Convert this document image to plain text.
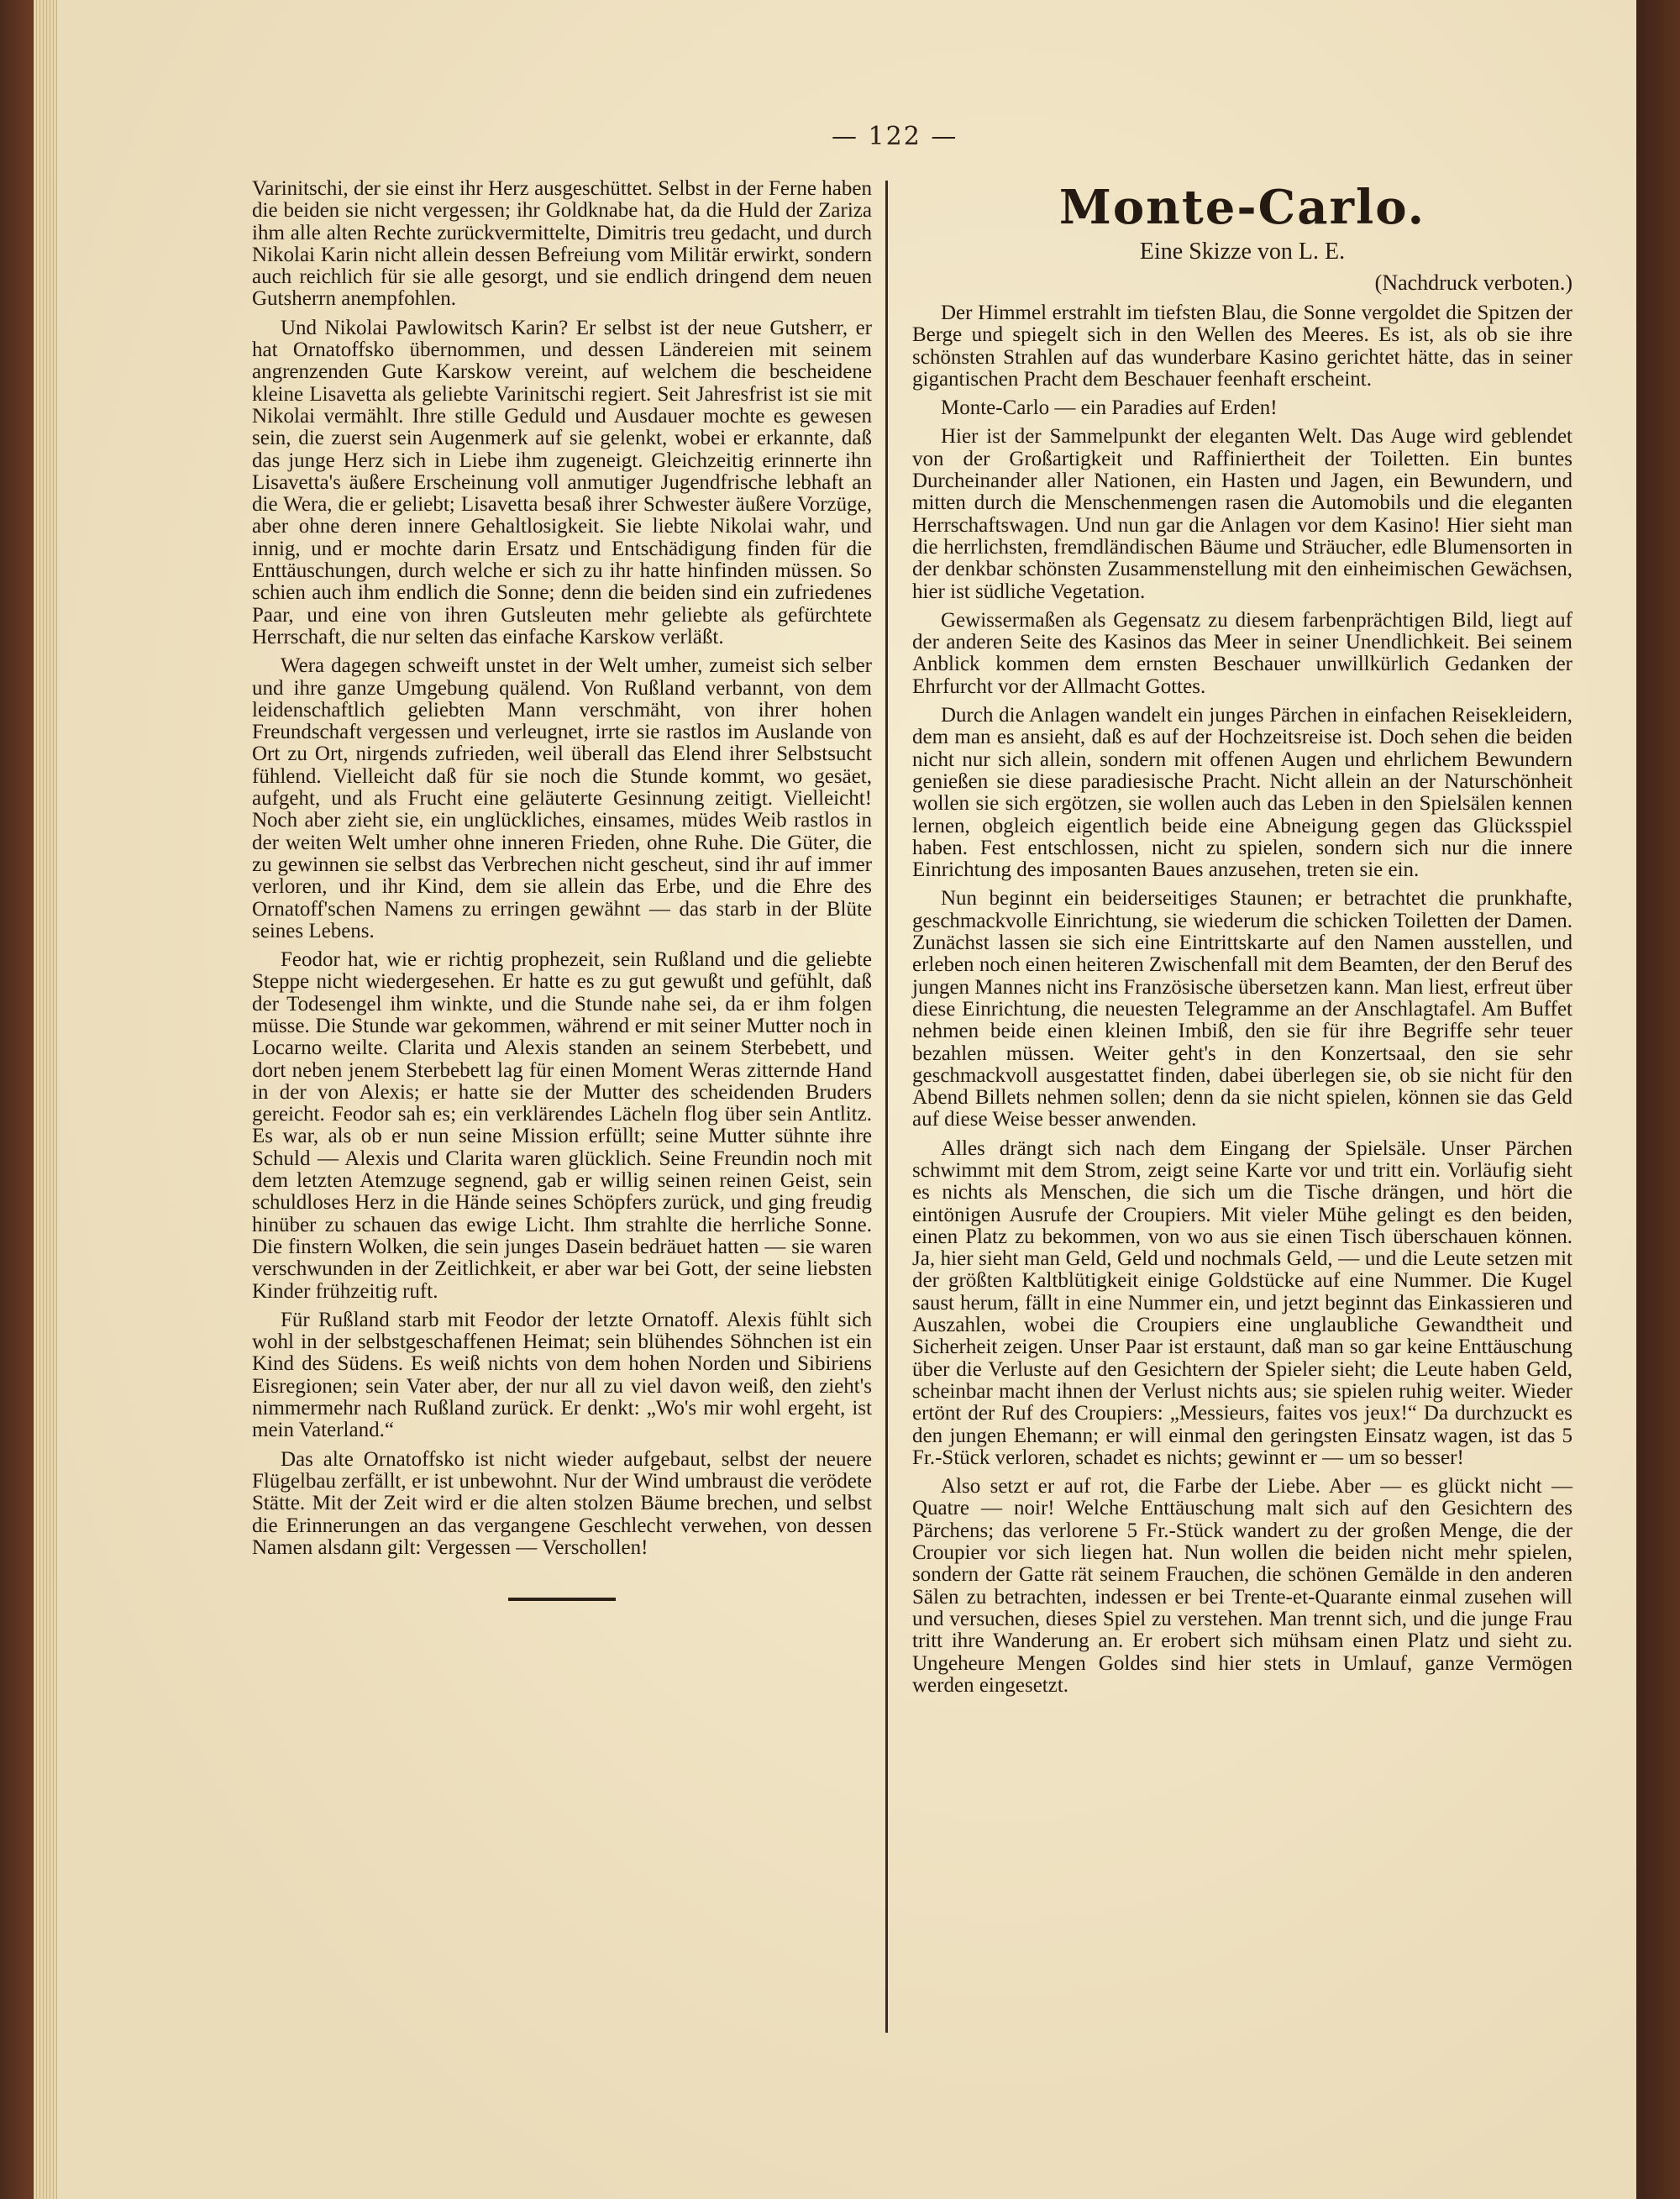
— 122 —

Varinitschi, der sie einst ihr Herz ausgeschüttet. Selbst in der Ferne haben die beiden sie nicht vergessen; ihr Goldknabe hat, da die Huld der Zariza ihm alle alten Rechte zurückvermittelte, Dimitris treu gedacht, und durch Nikolai Karin nicht allein dessen Befreiung vom Militär erwirkt, sondern auch reichlich für sie alle gesorgt, und sie endlich dringend dem neuen Gutsherrn anempfohlen.

Und Nikolai Pawlowitsch Karin? Er selbst ist der neue Gutsherr, er hat Ornatoffsko übernommen, und dessen Ländereien mit seinem angrenzenden Gute Karskow vereint, auf welchem die bescheidene kleine Lisavetta als geliebte Varinitschi regiert. Seit Jahresfrist ist sie mit Nikolai vermählt. Ihre stille Geduld und Ausdauer mochte es gewesen sein, die zuerst sein Augenmerk auf sie gelenkt, wobei er erkannte, daß das junge Herz sich in Liebe ihm zugeneigt. Gleichzeitig erinnerte ihn Lisavetta's äußere Erscheinung voll anmutiger Jugendfrische lebhaft an die Wera, die er geliebt; Lisavetta besaß ihrer Schwester äußere Vorzüge, aber ohne deren innere Gehaltlosigkeit. Sie liebte Nikolai wahr, und innig, und er mochte darin Ersatz und Entschädigung finden für die Enttäuschungen, durch welche er sich zu ihr hatte hinfinden müssen. So schien auch ihm endlich die Sonne; denn die beiden sind ein zufriedenes Paar, und eine von ihren Gutsleuten mehr geliebte als gefürchtete Herrschaft, die nur selten das einfache Karskow verläßt.

Wera dagegen schweift unstet in der Welt umher, zumeist sich selber und ihre ganze Umgebung quälend. Von Rußland verbannt, von dem leidenschaftlich geliebten Mann verschmäht, von ihrer hohen Freundschaft vergessen und verleugnet, irrte sie rastlos im Auslande von Ort zu Ort, nirgends zufrieden, weil überall das Elend ihrer Selbstsucht fühlend. Vielleicht daß für sie noch die Stunde kommt, wo gesäet, aufgeht, und als Frucht eine geläuterte Gesinnung zeitigt. Vielleicht! Noch aber zieht sie, ein unglückliches, einsames, müdes Weib rastlos in der weiten Welt umher ohne inneren Frieden, ohne Ruhe. Die Güter, die zu gewinnen sie selbst das Verbrechen nicht gescheut, sind ihr auf immer verloren, und ihr Kind, dem sie allein das Erbe, und die Ehre des Ornatoff'schen Namens zu erringen gewähnt — das starb in der Blüte seines Lebens.

Feodor hat, wie er richtig prophezeit, sein Rußland und die geliebte Steppe nicht wiedergesehen. Er hatte es zu gut gewußt und gefühlt, daß der Todesengel ihm winkte, und die Stunde nahe sei, da er ihm folgen müsse. Die Stunde war gekommen, während er mit seiner Mutter noch in Locarno weilte. Clarita und Alexis standen an seinem Sterbebett, und dort neben jenem Sterbebett lag für einen Moment Weras zitternde Hand in der von Alexis; er hatte sie der Mutter des scheidenden Bruders gereicht. Feodor sah es; ein verklärendes Lächeln flog über sein Antlitz. Es war, als ob er nun seine Mission erfüllt; seine Mutter sühnte ihre Schuld — Alexis und Clarita waren glücklich. Seine Freundin noch mit dem letzten Atemzuge segnend, gab er willig seinen reinen Geist, sein schuldloses Herz in die Hände seines Schöpfers zurück, und ging freudig hinüber zu schauen das ewige Licht. Ihm strahlte die herrliche Sonne. Die finstern Wolken, die sein junges Dasein bedräuet hatten — sie waren verschwunden in der Zeitlichkeit, er aber war bei Gott, der seine liebsten Kinder frühzeitig ruft.

Für Rußland starb mit Feodor der letzte Ornatoff. Alexis fühlt sich wohl in der selbstgeschaffenen Heimat; sein blühendes Söhnchen ist ein Kind des Südens. Es weiß nichts von dem hohen Norden und Sibiriens Eisregionen; sein Vater aber, der nur all zu viel davon weiß, den zieht's nimmermehr nach Rußland zurück. Er denkt: „Wo's mir wohl ergeht, ist mein Vaterland.“

Das alte Ornatoffsko ist nicht wieder aufgebaut, selbst der neuere Flügelbau zerfällt, er ist unbewohnt. Nur der Wind umbraust die verödete Stätte. Mit der Zeit wird er die alten stolzen Bäume brechen, und selbst die Erinnerungen an das vergangene Geschlecht verwehen, von dessen Namen alsdann gilt: Vergessen — Verschollen!

Monte-Carlo.
Eine Skizze von L. E.
(Nachdruck verboten.)

Der Himmel erstrahlt im tiefsten Blau, die Sonne vergoldet die Spitzen der Berge und spiegelt sich in den Wellen des Meeres. Es ist, als ob sie ihre schönsten Strahlen auf das wunderbare Kasino gerichtet hätte, das in seiner gigantischen Pracht dem Beschauer feenhaft erscheint.

Monte-Carlo — ein Paradies auf Erden!

Hier ist der Sammelpunkt der eleganten Welt. Das Auge wird geblendet von der Großartigkeit und Raffiniertheit der Toiletten. Ein buntes Durcheinander aller Nationen, ein Hasten und Jagen, ein Bewundern, und mitten durch die Menschenmengen rasen die Automobils und die eleganten Herrschaftswagen. Und nun gar die Anlagen vor dem Kasino! Hier sieht man die herrlichsten, fremdländischen Bäume und Sträucher, edle Blumensorten in der denkbar schönsten Zusammenstellung mit den einheimischen Gewächsen, hier ist südliche Vegetation.

Gewissermaßen als Gegensatz zu diesem farbenprächtigen Bild, liegt auf der anderen Seite des Kasinos das Meer in seiner Unendlichkeit. Bei seinem Anblick kommen dem ernsten Beschauer unwillkürlich Gedanken der Ehrfurcht vor der Allmacht Gottes.

Durch die Anlagen wandelt ein junges Pärchen in einfachen Reisekleidern, dem man es ansieht, daß es auf der Hochzeitsreise ist. Doch sehen die beiden nicht nur sich allein, sondern mit offenen Augen und ehrlichem Bewundern genießen sie diese paradiesische Pracht. Nicht allein an der Naturschönheit wollen sie sich ergötzen, sie wollen auch das Leben in den Spielsälen kennen lernen, obgleich eigentlich beide eine Abneigung gegen das Glücksspiel haben. Fest entschlossen, nicht zu spielen, sondern sich nur die innere Einrichtung des imposanten Baues anzusehen, treten sie ein.

Nun beginnt ein beiderseitiges Staunen; er betrachtet die prunkhafte, geschmackvolle Einrichtung, sie wiederum die schicken Toiletten der Damen. Zunächst lassen sie sich eine Eintrittskarte auf den Namen ausstellen, und erleben noch einen heiteren Zwischenfall mit dem Beamten, der den Beruf des jungen Mannes nicht ins Französische übersetzen kann. Man liest, erfreut über diese Einrichtung, die neuesten Telegramme an der Anschlagtafel. Am Buffet nehmen beide einen kleinen Imbiß, den sie für ihre Begriffe sehr teuer bezahlen müssen. Weiter geht's in den Konzertsaal, den sie sehr geschmackvoll ausgestattet finden, dabei überlegen sie, ob sie nicht für den Abend Billets nehmen sollen; denn da sie nicht spielen, können sie das Geld auf diese Weise besser anwenden.

Alles drängt sich nach dem Eingang der Spielsäle. Unser Pärchen schwimmt mit dem Strom, zeigt seine Karte vor und tritt ein. Vorläufig sieht es nichts als Menschen, die sich um die Tische drängen, und hört die eintönigen Ausrufe der Croupiers. Mit vieler Mühe gelingt es den beiden, einen Platz zu bekommen, von wo aus sie einen Tisch überschauen können. Ja, hier sieht man Geld, Geld und nochmals Geld, — und die Leute setzen mit der größten Kaltblütigkeit einige Goldstücke auf eine Nummer. Die Kugel saust herum, fällt in eine Nummer ein, und jetzt beginnt das Einkassieren und Auszahlen, wobei die Croupiers eine unglaubliche Gewandtheit und Sicherheit zeigen. Unser Paar ist erstaunt, daß man so gar keine Enttäuschung über die Verluste auf den Gesichtern der Spieler sieht; die Leute haben Geld, scheinbar macht ihnen der Verlust nichts aus; sie spielen ruhig weiter. Wieder ertönt der Ruf des Croupiers: „Messieurs, faites vos jeux!“ Da durchzuckt es den jungen Ehemann; er will einmal den geringsten Einsatz wagen, ist das 5 Fr.-Stück verloren, schadet es nichts; gewinnt er — um so besser!

Also setzt er auf rot, die Farbe der Liebe. Aber — es glückt nicht — Quatre — noir! Welche Enttäuschung malt sich auf den Gesichtern des Pärchens; das verlorene 5 Fr.-Stück wandert zu der großen Menge, die der Croupier vor sich liegen hat. Nun wollen die beiden nicht mehr spielen, sondern der Gatte rät seinem Frauchen, die schönen Gemälde in den anderen Sälen zu betrachten, indessen er bei Trente-et-Quarante einmal zusehen will und versuchen, dieses Spiel zu verstehen. Man trennt sich, und die junge Frau tritt ihre Wanderung an. Er erobert sich mühsam einen Platz und sieht zu. Ungeheure Mengen Goldes sind hier stets in Umlauf, ganze Vermögen werden eingesetzt.
